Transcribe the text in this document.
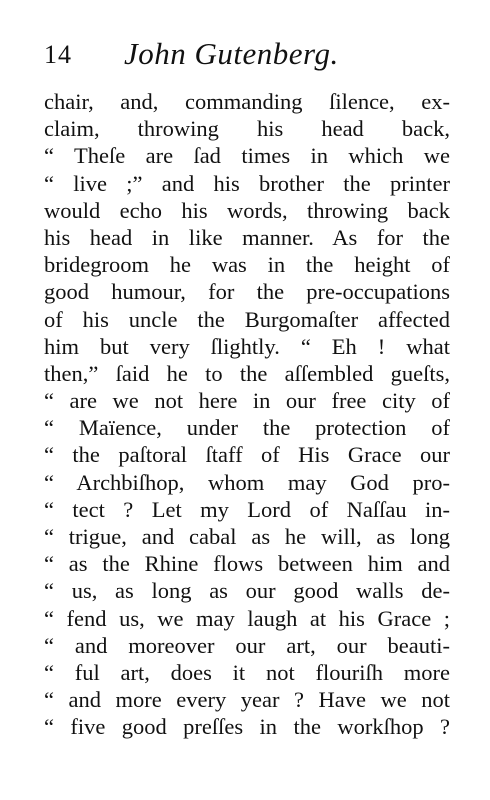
14 John Gutenberg.
chair, and, commanding ſilence, ex-
claim, throwing his head back,
“ Theſe are ſad times in which we
“ live ;” and his brother the printer
would echo his words, throwing back
his head in like manner. As for the
bridegroom he was in the height of
good humour, for the pre-occupations
of his uncle the Burgomaſter affected
him but very ſlightly. “ Eh ! what
then,” ſaid he to the aſſembled gueſts,
“ are we not here in our free city of
“ Maïence, under the protection of
“ the paſtoral ſtaff of His Grace our
“ Archbiſhop, whom may God pro-
“ tect ? Let my Lord of Naſſau in-
“ trigue, and cabal as he will, as long
“ as the Rhine flows between him and
“ us, as long as our good walls de-
“ fend us, we may laugh at his Grace ;
“ and moreover our art, our beauti-
“ ful art, does it not flouriſh more
“ and more every year ? Have we not
“ five good preſſes in the workſhop ?
